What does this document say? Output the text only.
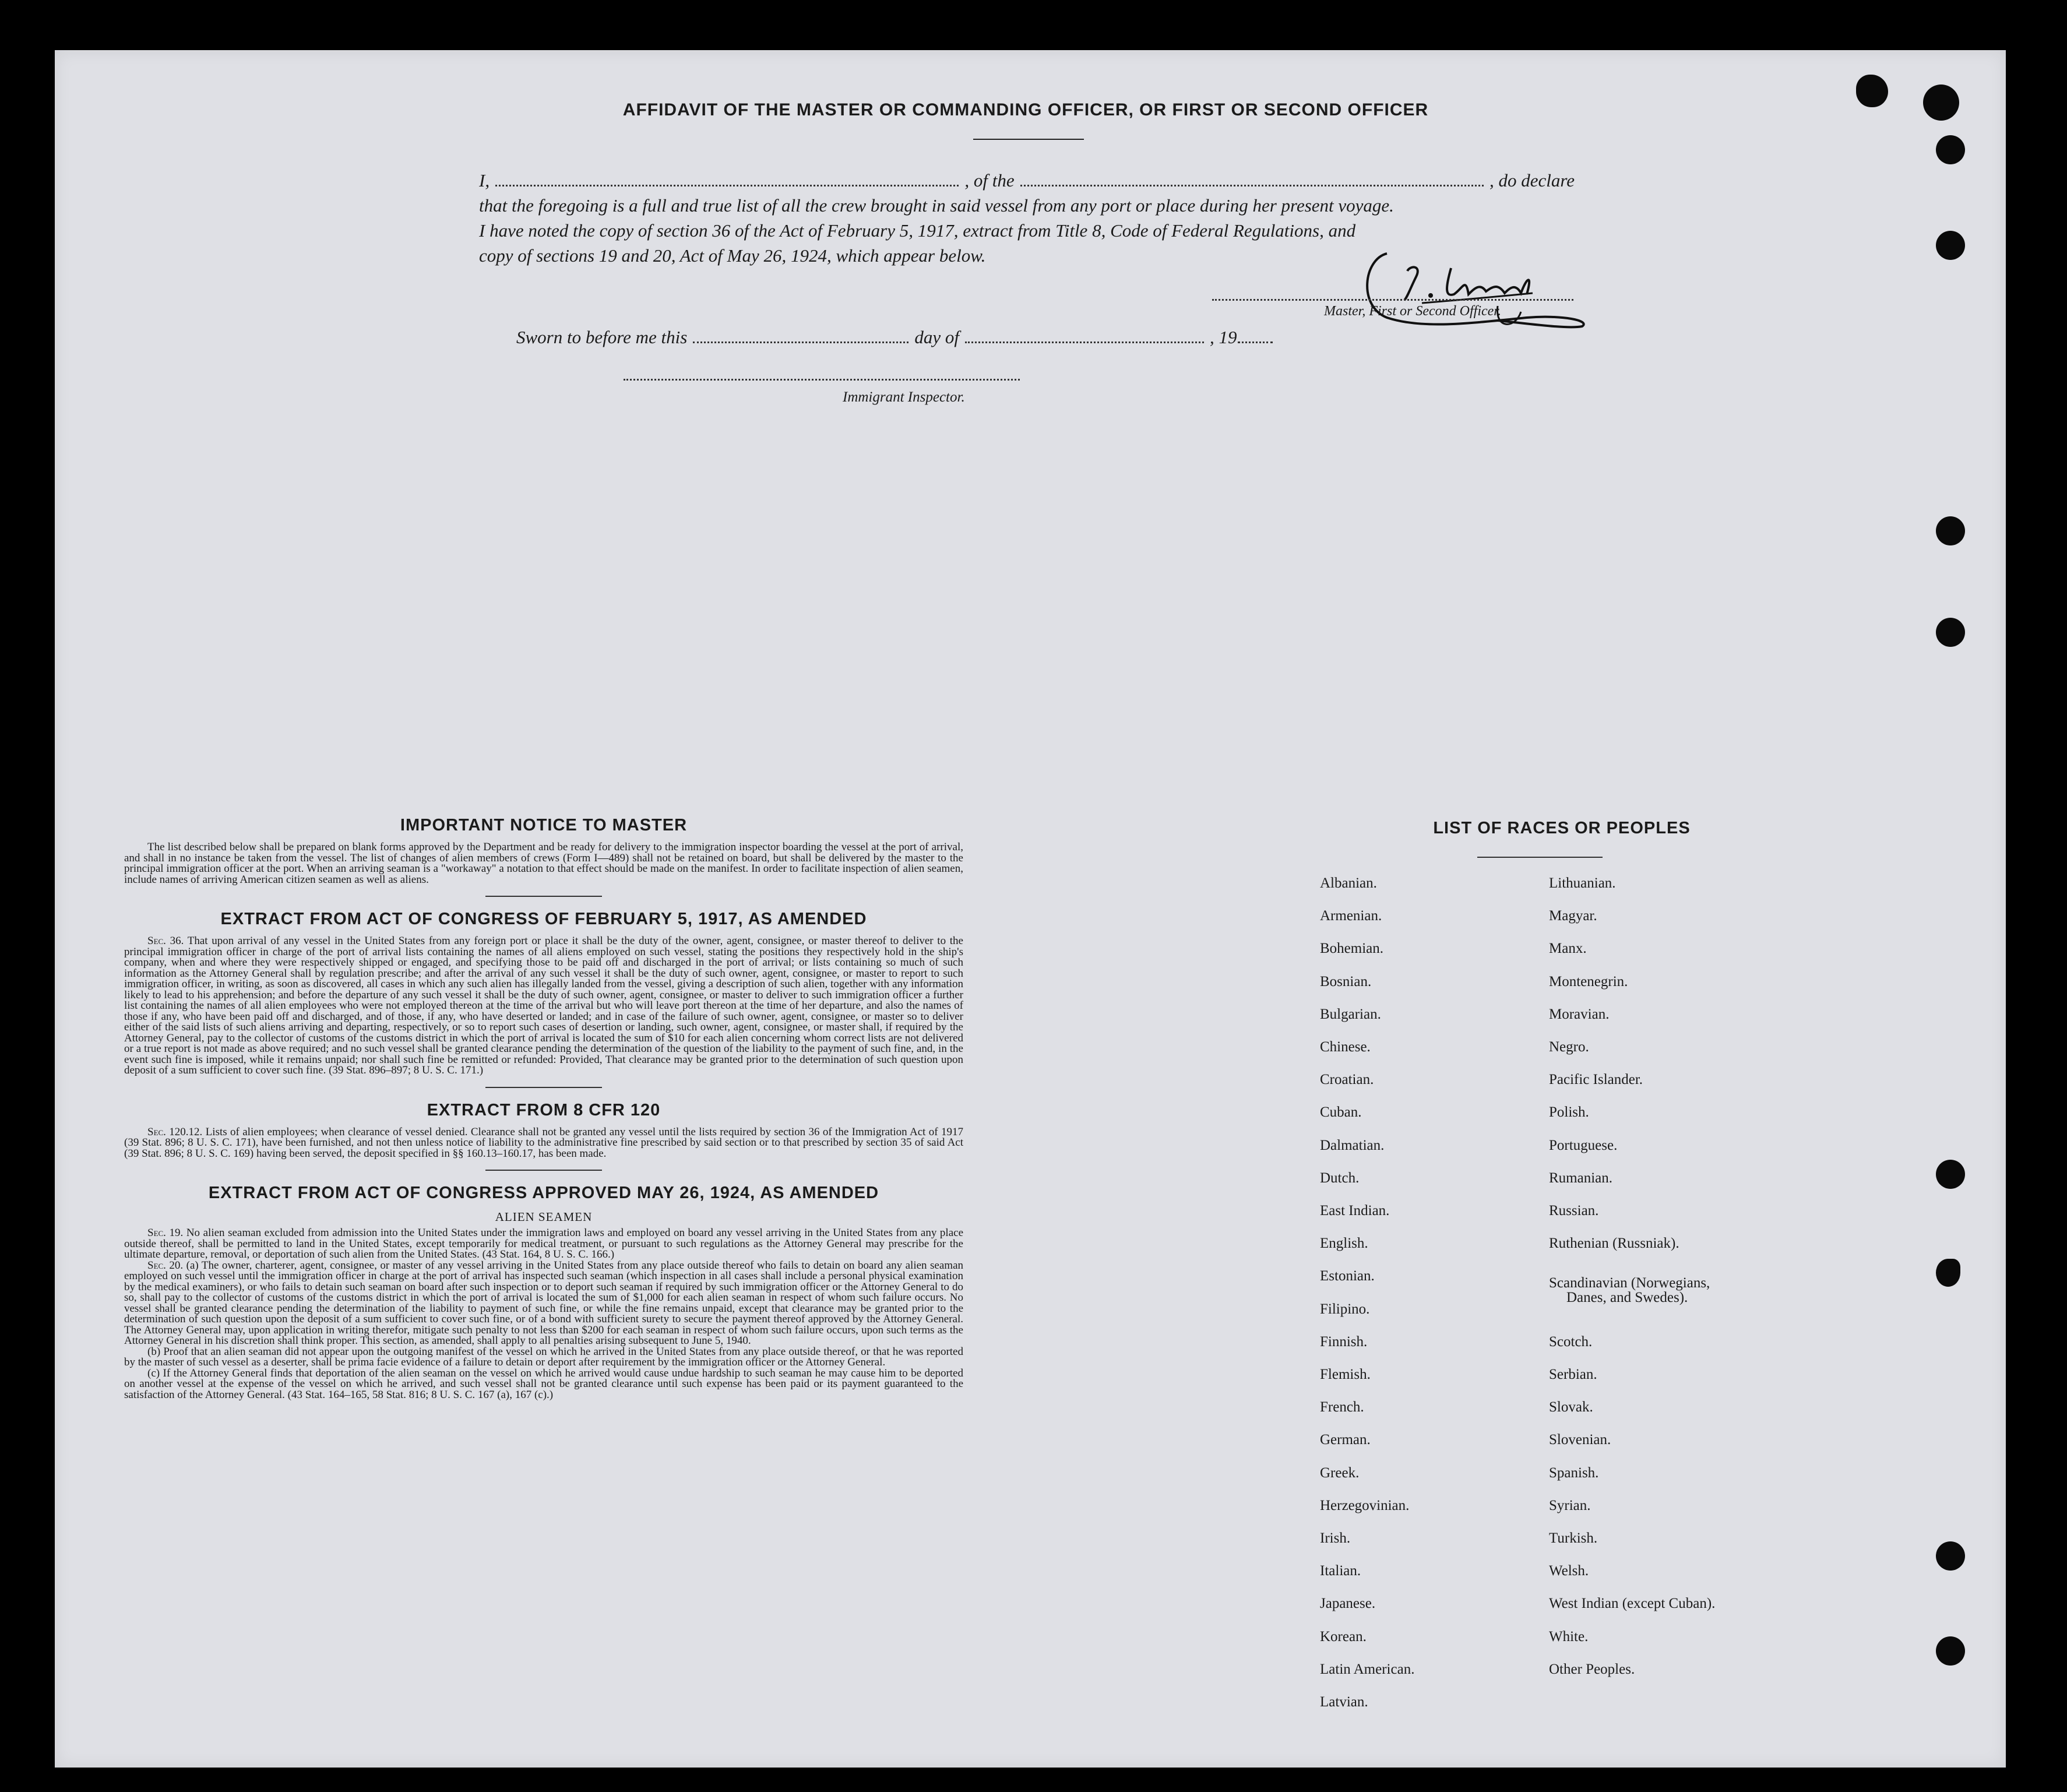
AFFIDAVIT OF THE MASTER OR COMMANDING OFFICER, OR FIRST OR SECOND OFFICER
I,	, of the	, do declare
that the foregoing is a full and true list of all the crew brought in said vessel from any port or place during her present voyage.
I have noted the copy of section 36 of the Act of February 5, 1917, extract from Title 8, Code of Federal Regulations, and
copy of sections 19 and 20, Act of May 26, 1924, which appear below.
Master, First or Second Officer.
Sworn to before me this	day of	, 19
Immigrant Inspector.
IMPORTANT NOTICE TO MASTER
The list described below shall be prepared on blank forms approved by the Department and be ready for delivery to the immigration inspector boarding the vessel at the port of arrival, and shall in no instance be taken from the vessel. The list of changes of alien members of crews (Form I—489) shall not be retained on board, but shall be delivered by the master to the principal immigration officer at the port. When an arriving seaman is a "workaway" a notation to that effect should be made on the manifest. In order to facilitate inspection of alien seamen, include names of arriving American citizen seamen as well as aliens.
EXTRACT FROM ACT OF CONGRESS OF FEBRUARY 5, 1917, AS AMENDED
Sec. 36. That upon arrival of any vessel in the United States from any foreign port or place it shall be the duty of the owner, agent, consignee, or master thereof to deliver to the principal immigration officer in charge of the port of arrival lists containing the names of all aliens employed on such vessel, stating the positions they respectively hold in the ship's company, when and where they were respectively shipped or engaged, and specifying those to be paid off and discharged in the port of arrival; or lists containing so much of such information as the Attorney General shall by regulation prescribe; and after the arrival of any such vessel it shall be the duty of such owner, agent, consignee, or master to report to such immigration officer, in writing, as soon as discovered, all cases in which any such alien has illegally landed from the vessel, giving a description of such alien, together with any information likely to lead to his apprehension; and before the departure of any such vessel it shall be the duty of such owner, agent, consignee, or master to deliver to such immigration officer a further list containing the names of all alien employees who were not employed thereon at the time of the arrival but who will leave port thereon at the time of her departure, and also the names of those if any, who have been paid off and discharged, and of those, if any, who have deserted or landed; and in case of the failure of such owner, agent, consignee, or master so to deliver either of the said lists of such aliens arriving and departing, respectively, or so to report such cases of desertion or landing, such owner, agent, consignee, or master shall, if required by the Attorney General, pay to the collector of customs of the customs district in which the port of arrival is located the sum of $10 for each alien concerning whom correct lists are not delivered or a true report is not made as above required; and no such vessel shall be granted clearance pending the determination of the question of the liability to the payment of such fine, and, in the event such fine is imposed, while it remains unpaid; nor shall such fine be remitted or refunded: Provided, That clearance may be granted prior to the determination of such question upon deposit of a sum sufficient to cover such fine. (39 Stat. 896–897; 8 U. S. C. 171.)
EXTRACT FROM 8 CFR 120
Sec. 120.12. Lists of alien employees; when clearance of vessel denied. Clearance shall not be granted any vessel until the lists required by section 36 of the Immigration Act of 1917 (39 Stat. 896; 8 U. S. C. 171), have been furnished, and not then unless notice of liability to the administrative fine prescribed by said section or to that prescribed by section 35 of said Act (39 Stat. 896; 8 U. S. C. 169) having been served, the deposit specified in §§ 160.13–160.17, has been made.
EXTRACT FROM ACT OF CONGRESS APPROVED MAY 26, 1924, AS AMENDED
ALIEN SEAMEN
Sec. 19. No alien seaman excluded from admission into the United States under the immigration laws and employed on board any vessel arriving in the United States from any place outside thereof, shall be permitted to land in the United States, except temporarily for medical treatment, or pursuant to such regulations as the Attorney General may prescribe for the ultimate departure, removal, or deportation of such alien from the United States. (43 Stat. 164, 8 U. S. C. 166.)
Sec. 20. (a) The owner, charterer, agent, consignee, or master of any vessel arriving in the United States from any place outside thereof who fails to detain on board any alien seaman employed on such vessel until the immigration officer in charge at the port of arrival has inspected such seaman (which inspection in all cases shall include a personal physical examination by the medical examiners), or who fails to detain such seaman on board after such inspection or to deport such seaman if required by such immigration officer or the Attorney General to do so, shall pay to the collector of customs of the customs district in which the port of arrival is located the sum of $1,000 for each alien seaman in respect of whom such failure occurs. No vessel shall be granted clearance pending the determination of the liability to payment of such fine, or while the fine remains unpaid, except that clearance may be granted prior to the determination of such question upon the deposit of a sum sufficient to cover such fine, or of a bond with sufficient surety to secure the payment thereof approved by the Attorney General. The Attorney General may, upon application in writing therefor, mitigate such penalty to not less than $200 for each seaman in respect of whom such failure occurs, upon such terms as the Attorney General in his discretion shall think proper. This section, as amended, shall apply to all penalties arising subsequent to June 5, 1940.
(b) Proof that an alien seaman did not appear upon the outgoing manifest of the vessel on which he arrived in the United States from any place outside thereof, or that he was reported by the master of such vessel as a deserter, shall be prima facie evidence of a failure to detain or deport after requirement by the immigration officer or the Attorney General.
(c) If the Attorney General finds that deportation of the alien seaman on the vessel on which he arrived would cause undue hardship to such seaman he may cause him to be deported on another vessel at the expense of the vessel on which he arrived, and such vessel shall not be granted clearance until such expense has been paid or its payment guaranteed to the satisfaction of the Attorney General. (43 Stat. 164–165, 58 Stat. 816; 8 U. S. C. 167 (a), 167 (c).)
LIST OF RACES OR PEOPLES
Albanian.
Armenian.
Bohemian.
Bosnian.
Bulgarian.
Chinese.
Croatian.
Cuban.
Dalmatian.
Dutch.
East Indian.
English.
Estonian.
Filipino.
Finnish.
Flemish.
French.
German.
Greek.
Herzegovinian.
Irish.
Italian.
Japanese.
Korean.
Latin American.
Latvian.
Lithuanian.
Magyar.
Manx.
Montenegrin.
Moravian.
Negro.
Pacific Islander.
Polish.
Portuguese.
Rumanian.
Russian.
Ruthenian (Russniak).
Scandinavian (Norwegians,
Danes, and Swedes).
Scotch.
Serbian.
Slovak.
Slovenian.
Spanish.
Syrian.
Turkish.
Welsh.
West Indian (except Cuban).
White.
Other Peoples.
